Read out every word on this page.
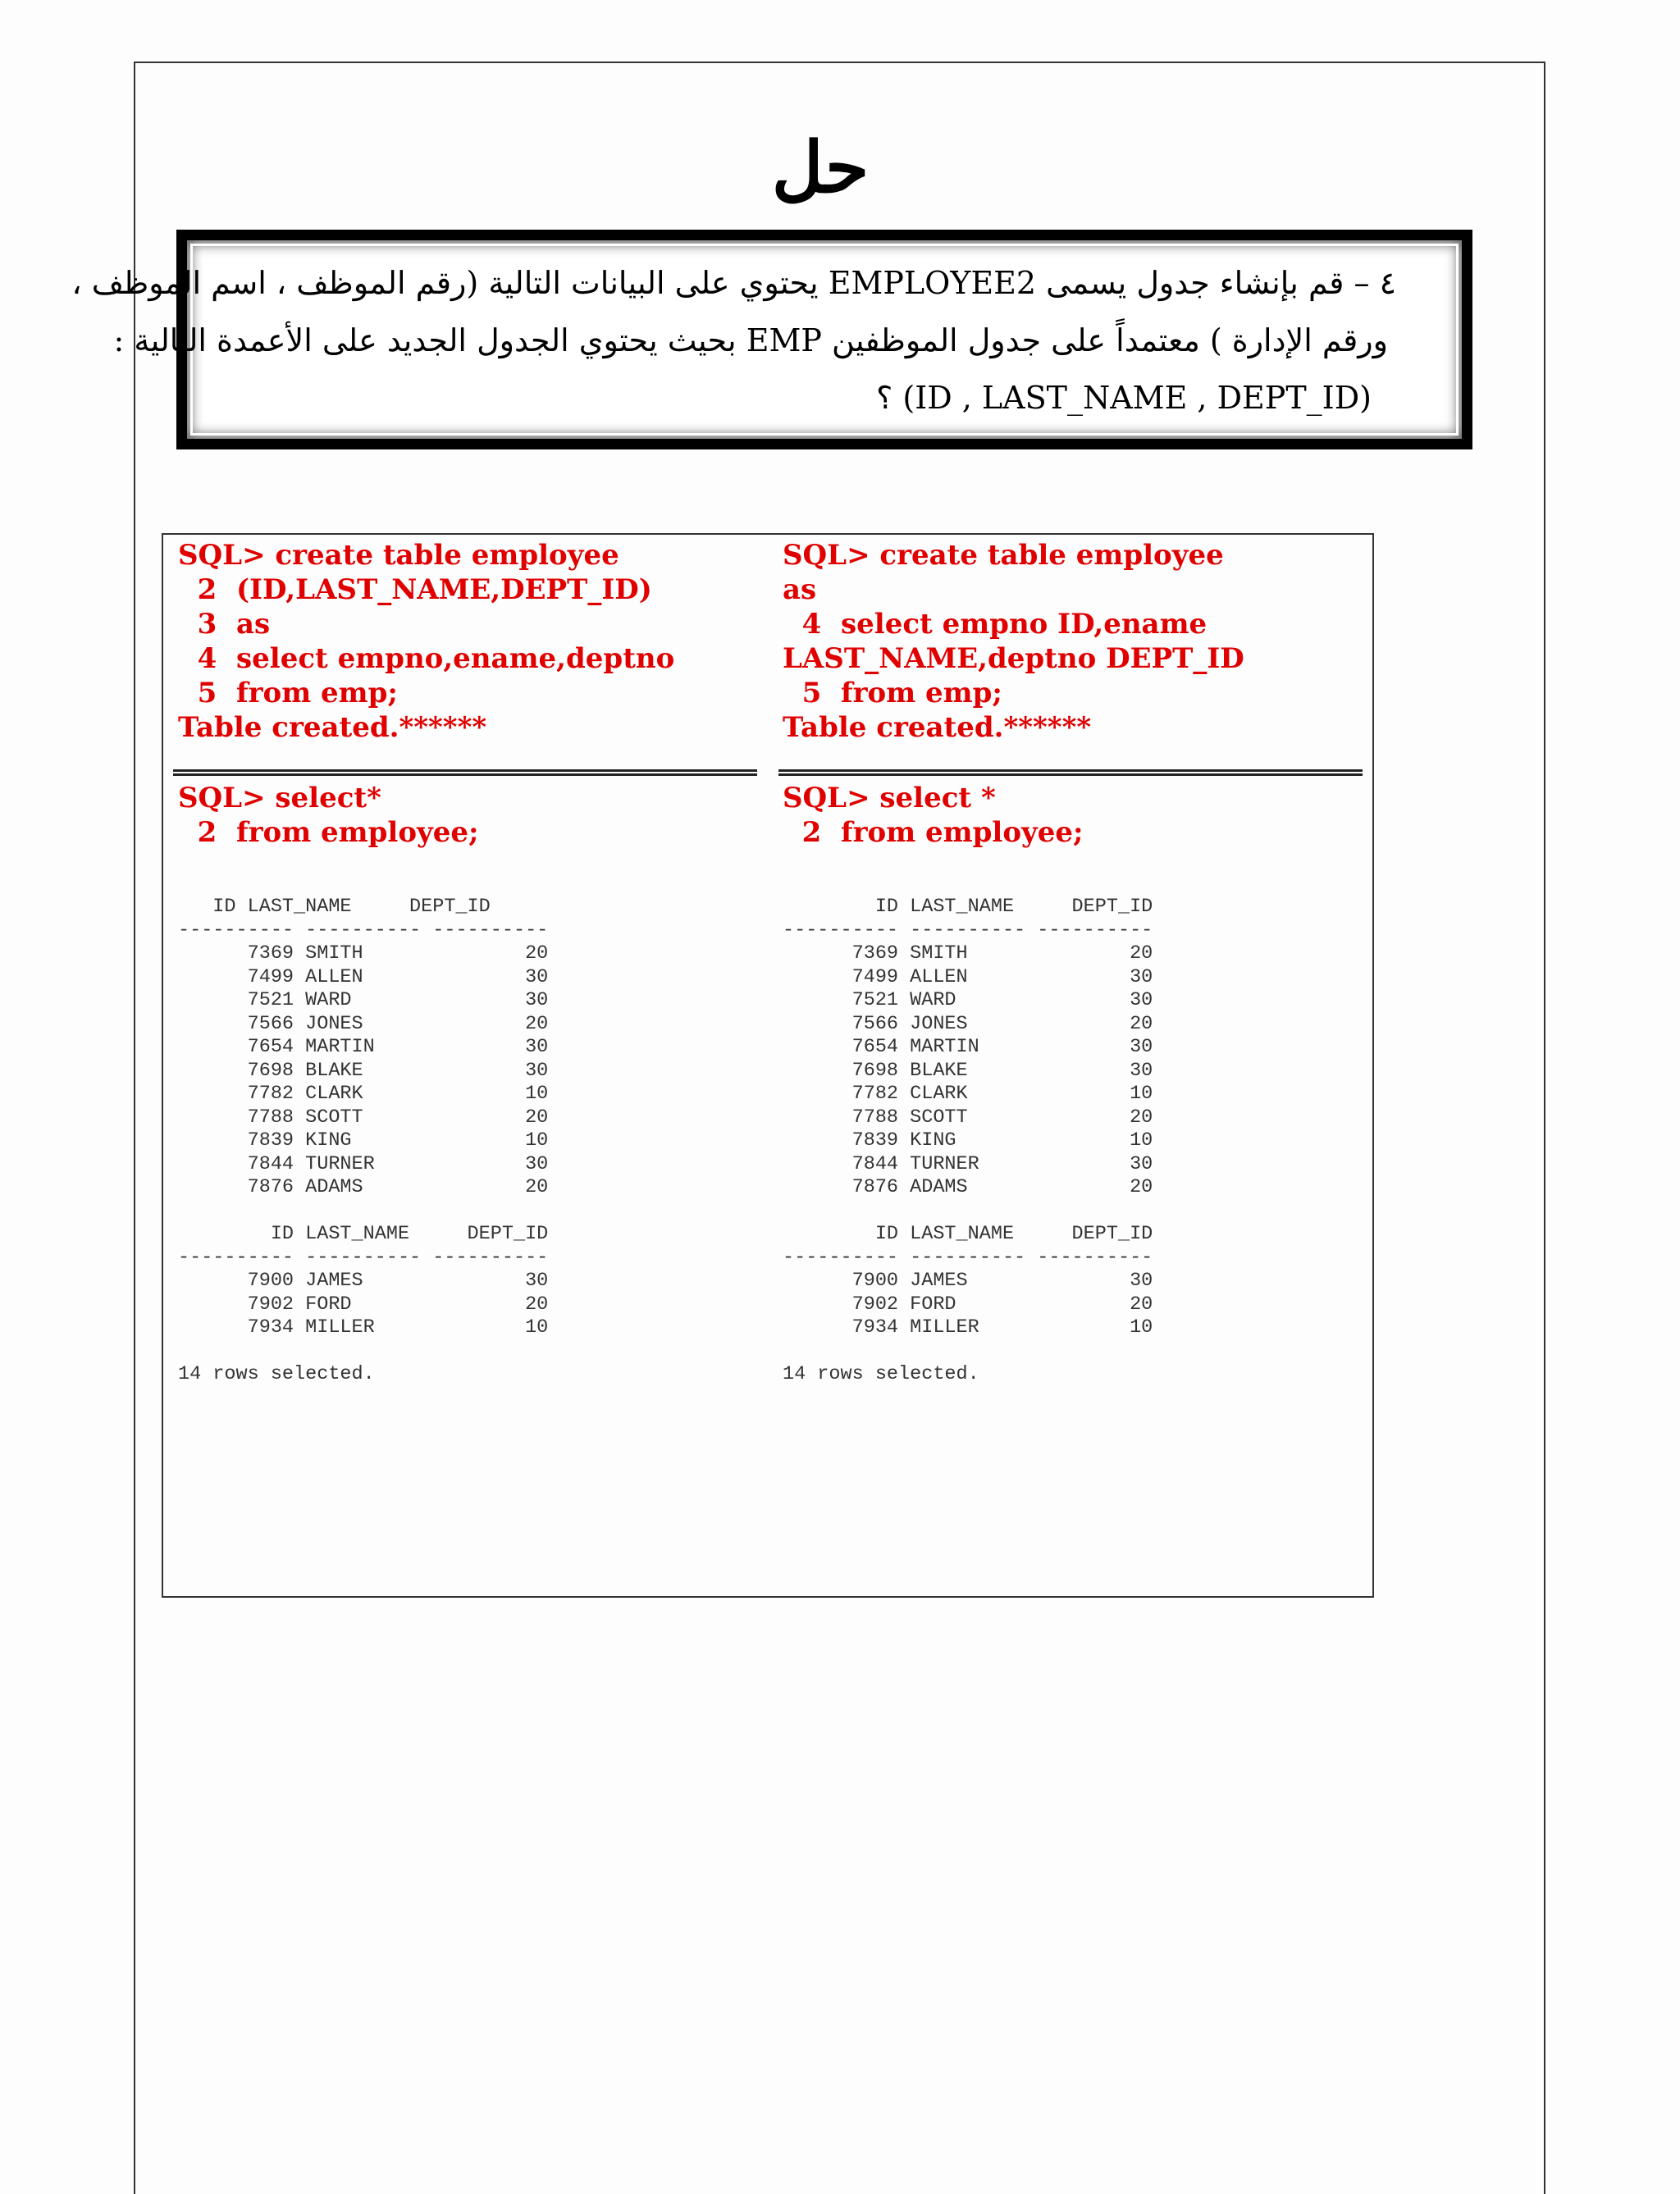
حل
٤ – قم بإنشاء جدول يسمى EMPLOYEE2 يحتوي على البيانات التالية (رقم الموظف ، اسم الموظف ،
ورقم الإدارة ) معتمداً على جدول الموظفين EMP بحيث يحتوي الجدول الجديد على الأعمدة التالية :
؟ (ID , LAST_NAME , DEPT_ID)
SQL> create table employee
2  (ID,LAST_NAME,DEPT_ID)
3  as
4  select empno,ename,deptno
5  from emp;
Table created.******
SQL> create table employee
as
4  select empno ID,ename
LAST_NAME,deptno DEPT_ID
5  from emp;
Table created.******
SQL> select*
2  from employee;
SQL> select *
2  from employee;
ID LAST_NAME     DEPT_ID
---------- ---------- ----------
7369 SMITH              20
7499 ALLEN              30
7521 WARD               30
7566 JONES              20
7654 MARTIN             30
7698 BLAKE              30
7782 CLARK              10
7788 SCOTT              20
7839 KING               10
7844 TURNER             30
7876 ADAMS              20

ID LAST_NAME     DEPT_ID
---------- ---------- ----------
7900 JAMES              30
7902 FORD               20
7934 MILLER             10

14 rows selected.
ID LAST_NAME     DEPT_ID
---------- ---------- ----------
7369 SMITH              20
7499 ALLEN              30
7521 WARD               30
7566 JONES              20
7654 MARTIN             30
7698 BLAKE              30
7782 CLARK              10
7788 SCOTT              20
7839 KING               10
7844 TURNER             30
7876 ADAMS              20

ID LAST_NAME     DEPT_ID
---------- ---------- ----------
7900 JAMES              30
7902 FORD               20
7934 MILLER             10

14 rows selected.
